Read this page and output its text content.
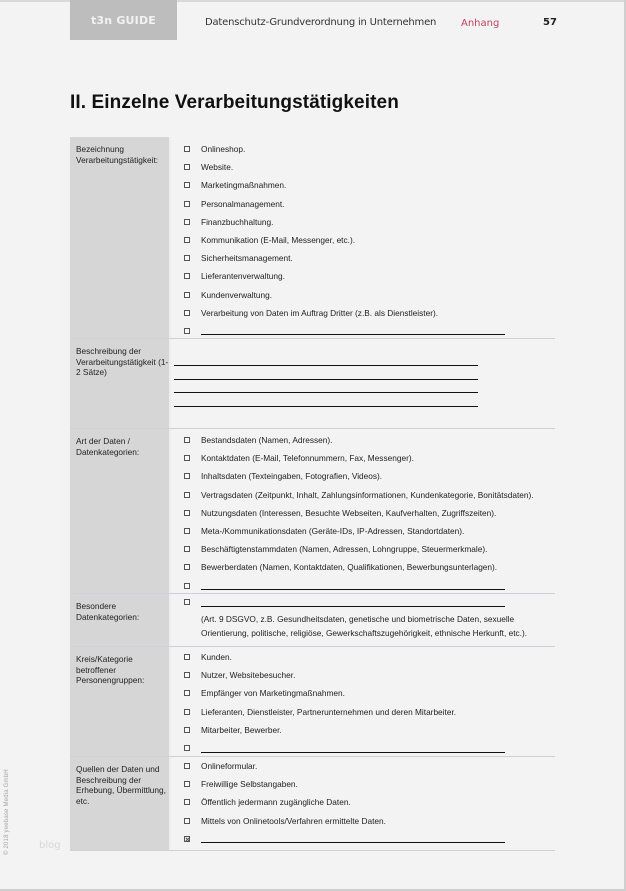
t3n GUIDE	Datenschutz-Grundverordnung in Unternehmen Anhang	57
II. Einzelne Verarbeitungstätigkeiten
Bezeichnung Verarbeitungstätigkeit:
Onlineshop.
Website.
Marketingmaßnahmen.
Personalmanagement.
Finanzbuchhaltung.
Kommunikation (E-Mail, Messenger, etc.).
Sicherheitsmanagement.
Lieferantenverwaltung.
Kundenverwaltung.
Verarbeitung von Daten im Auftrag Dritter (z.B. als Dienstleister).
Beschreibung der Verarbeitungstätigkeit (1-2 Sätze)
Art der Daten / Datenkategorien:
Bestandsdaten (Namen, Adressen).
Kontaktdaten (E-Mail, Telefonnummern, Fax, Messenger).
Inhaltsdaten (Texteingaben, Fotografien, Videos).
Vertragsdaten (Zeitpunkt, Inhalt, Zahlungsinformationen, Kundenkategorie, Bonitätsdaten).
Nutzungsdaten (Interessen, Besuchte Webseiten, Kaufverhalten, Zugriffszeiten).
Meta-/Kommunikationsdaten (Geräte-IDs, IP-Adressen, Standortdaten).
Beschäftigtenstammdaten (Namen, Adressen, Lohngruppe, Steuermerkmale).
Bewerberdaten (Namen, Kontaktdaten, Qualifikationen, Bewerbungsunterlagen).
Besondere Datenkategorien:	(Art. 9 DSGVO, z.B. Gesundheitsdaten, genetische und biometrische Daten, sexuelle Orientierung, politische, religiöse, Gewerkschaftszugehörigkeit, ethnische Herkunft, etc.).
Kreis/Kategorie betroffener Personengruppen:
Kunden.
Nutzer, Websitebesucher.
Empfänger von Marketingmaßnahmen.
Lieferanten, Dienstleister, Partnerunternehmen und deren Mitarbeiter.
Mitarbeiter, Bewerber.
Quellen der Daten und Beschreibung der Erhebung, Übermittlung, etc.
Onlineformular.
Freiwillige Selbstangaben.
Öffentlich jedermann zugängliche Daten.
Mittels von Onlinetools/Verfahren ermittelte Daten.
© 2018 yeebase Media GmbH	blog
